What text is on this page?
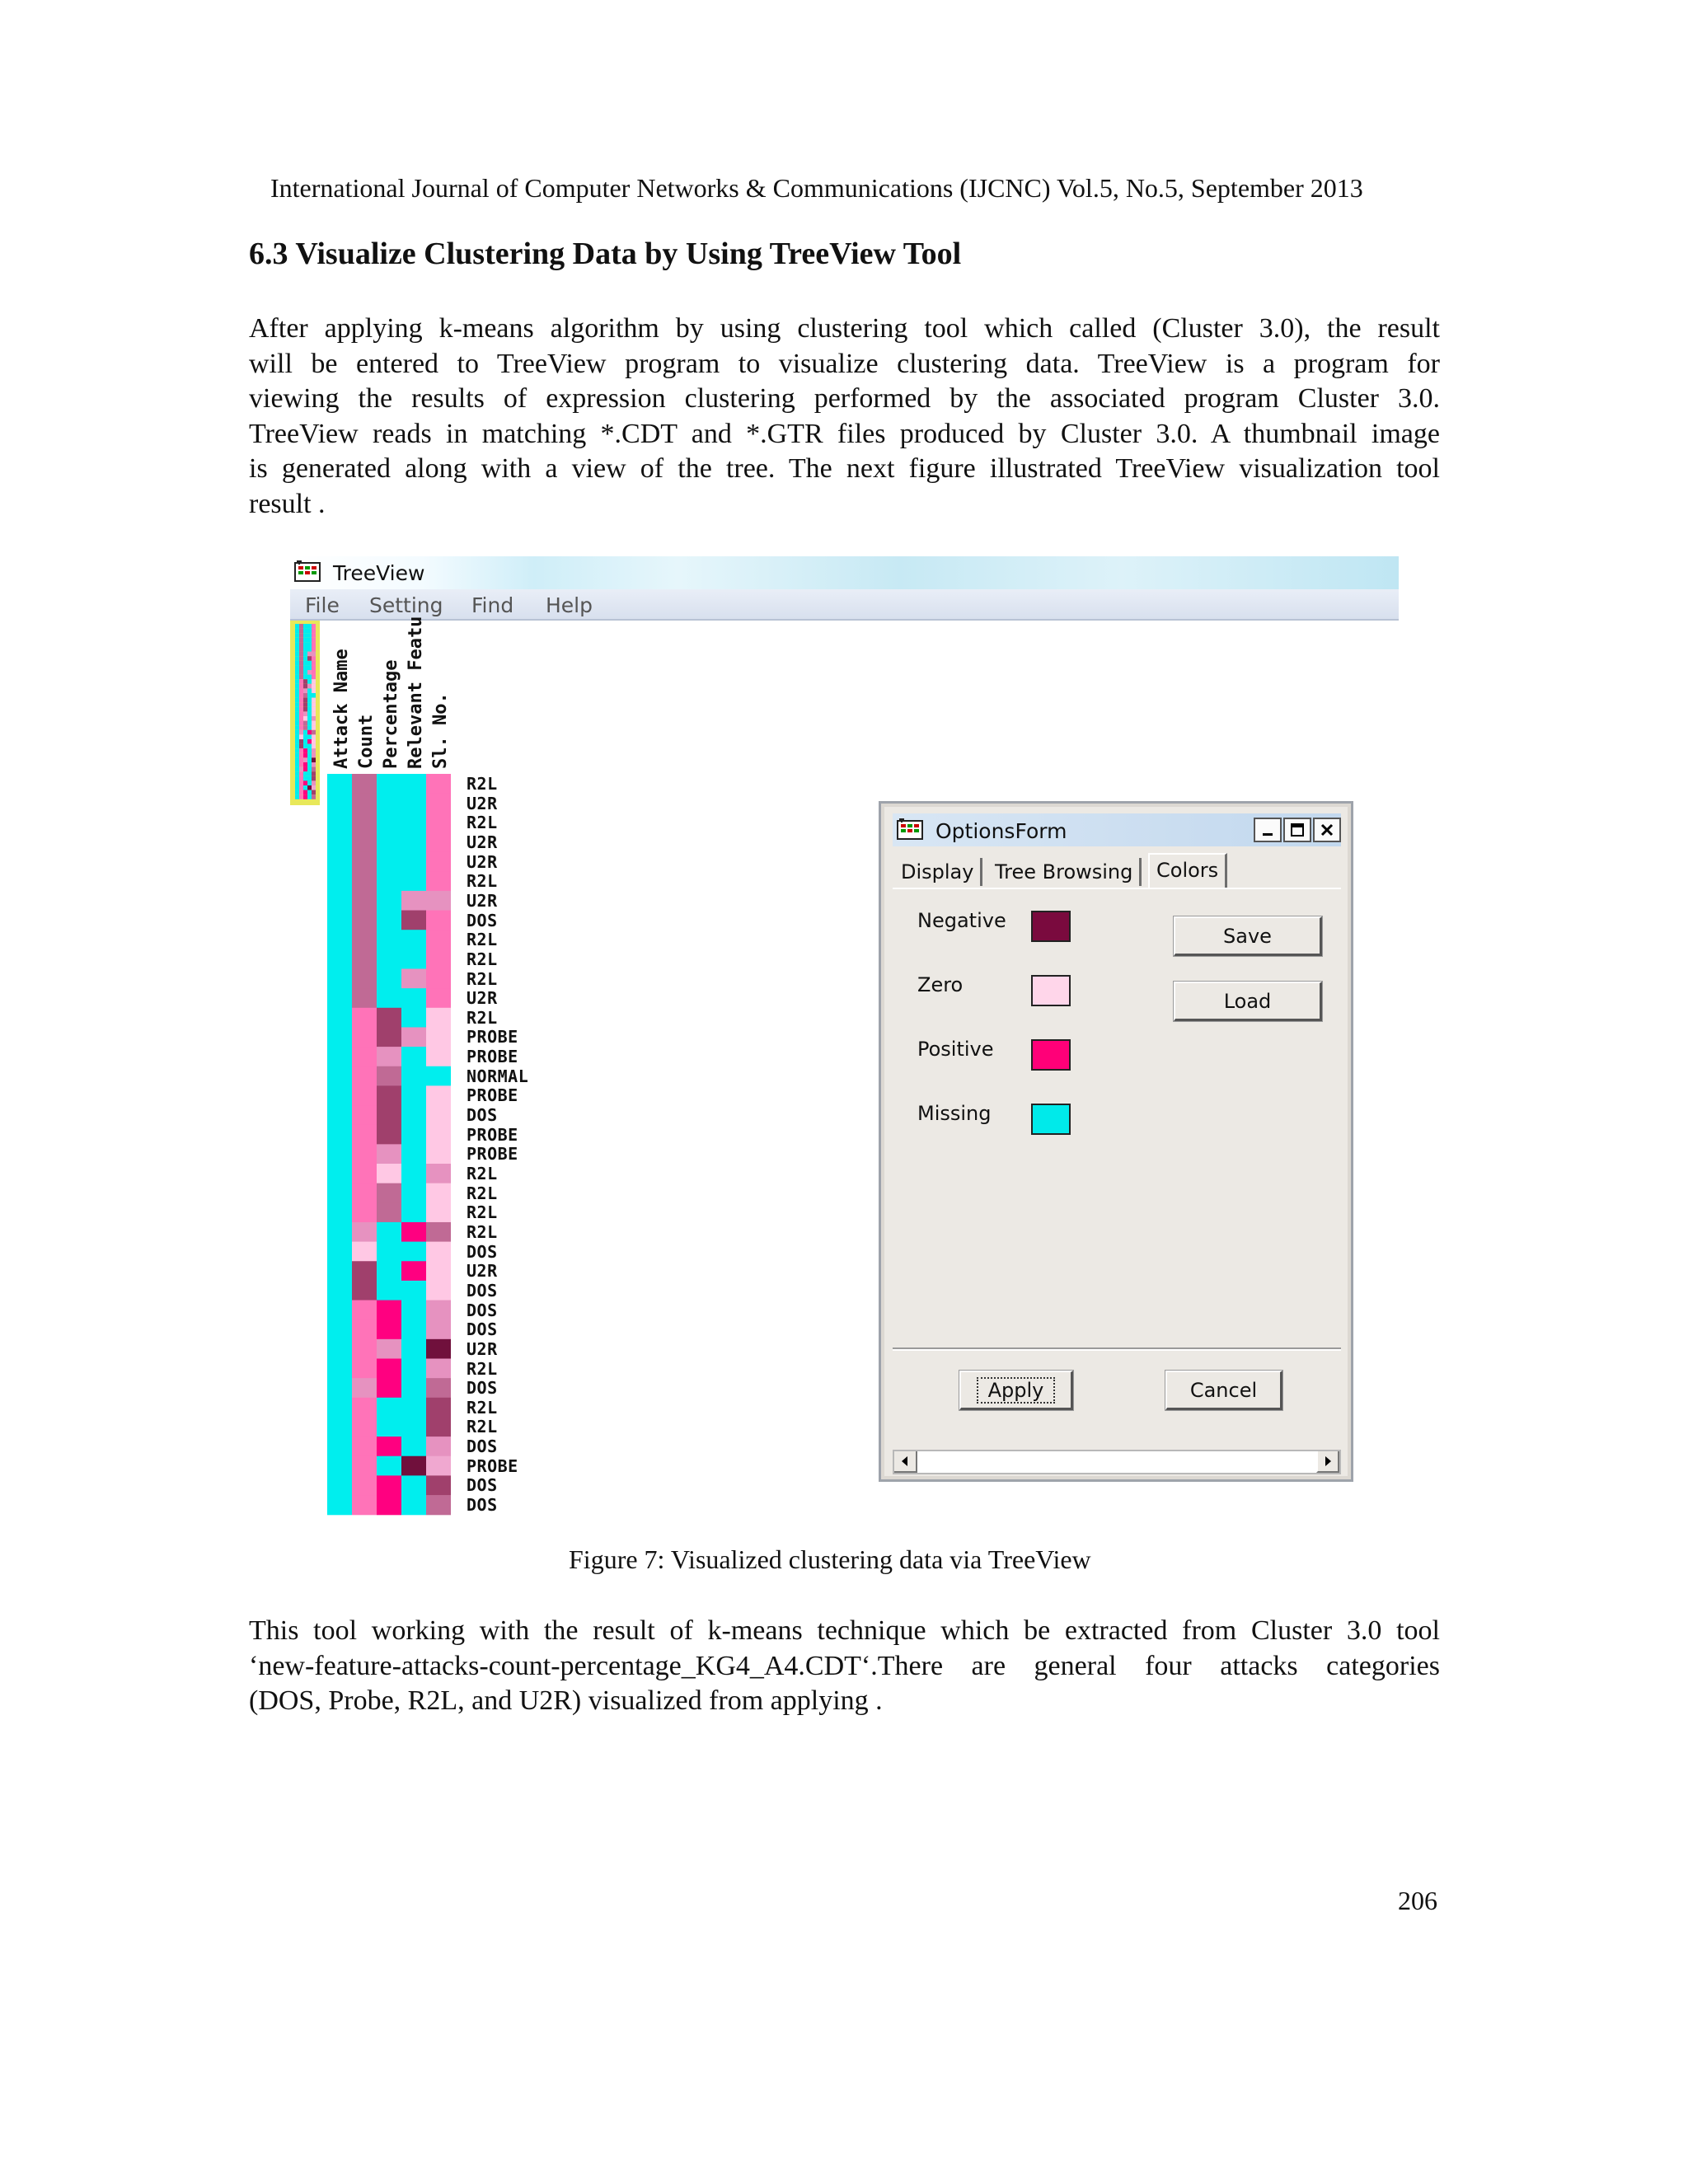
International Journal of Computer Networks & Communications (IJCNC) Vol.5, No.5, September 2013
6.3 Visualize Clustering Data by Using TreeView Tool
After applying k-means algorithm by using clustering tool which called (Cluster 3.0), the result
will be entered to TreeView program to visualize clustering data. TreeView is a program for
viewing the results of expression clustering performed by the associated program Cluster 3.0.
TreeView reads in matching *.CDT and *.GTR files produced by Cluster 3.0. A thumbnail image
is generated along with a view of the tree. The next figure illustrated TreeView visualization tool
result .
TreeView
File Setting Find Help
Attack Name Count Percentage Relevant Featu Sl. No.
R2L
U2R
R2L
U2R
U2R
R2L
U2R
DOS
R2L
R2L
R2L
U2R
R2L
PROBE
PROBE
NORMAL
PROBE
DOS
PROBE
PROBE
R2L
R2L
R2L
R2L
DOS
U2R
DOS
DOS
DOS
U2R
R2L
DOS
R2L
R2L
DOS
PROBE
DOS
DOS
OptionsForm
Display	Tree Browsing	Colors
Negative
Zero
Positive
Missing
Save
Load
Apply	Cancel
Figure 7: Visualized clustering data via TreeView
This tool working with the result of k-means technique which be extracted from Cluster 3.0 tool
‘new-feature-attacks-count-percentage_KG4_A4.CDT‘.There are general four attacks categories
(DOS, Probe, R2L, and U2R) visualized from applying .
206
